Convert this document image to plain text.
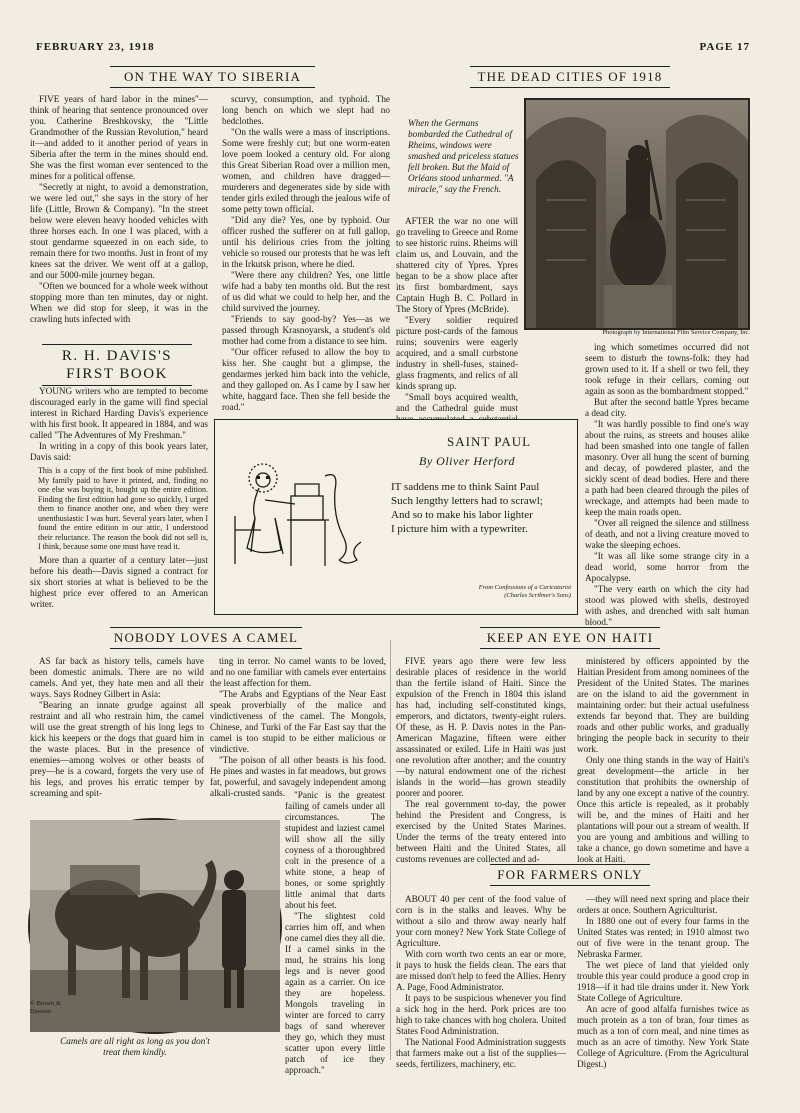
FEBRUARY 23, 1918	PAGE 17
ON THE WAY TO SIBERIA

FIVE years of hard labor in the mines"—think of hearing that sentence pronounced over you. Catherine Breshkovsky, the "Little Grandmother of the Russian Revolution," heard it—and added to it another period of years in Siberia after the term in the mines should end. She was the first woman ever sentenced to the mines for a political offense.

"Secretly at night, to avoid a demonstration, we were led out," she says in the story of her life (Little, Brown & Company). "In the street below were eleven heavy hooded vehicles with three horses each. In one I was placed, with a stout gendarme squeezed in on each side, to remain there for two months. Just in front of my knees sat the driver. We went off at a gallop, and our 5000-mile journey began.

"Often we bounced for a whole week without stopping more than ten minutes, day or night. When we did stop for sleep, it was in the crawling huts infected with

scurvy, consumption, and typhoid. The long bench on which we slept had no bedclothes.

"On the walls were a mass of inscriptions. Some were freshly cut; but one worm-eaten love poem looked a century old. For along this Great Siberian Road over a million men, women, and children have dragged—murderers and degenerates side by side with tender girls exiled through the jealous wife of some petty town official.

"Did any die? Yes, one by typhoid. Our officer rushed the sufferer on at full gallop, until his delirious cries from the jolting vehicle so roused our protests that he was left in the Irkutsk prison, where he died.

"Were there any children? Yes, one little wife had a baby ten months old. But the rest of us did what we could to help her, and the child survived the journey.

"Friends to say good-by? Yes—as we passed through Krasnoyarsk, a student's old mother had come from a distance to see him.

"Our officer refused to allow the boy to kiss her. She caught but a glimpse, the gendarmes jerked him back into the vehicle, and they galloped on. As I came by I saw her white, haggard face. Then she fell beside the road."

R. H. DAVIS'S FIRST BOOK

YOUNG writers who are tempted to become discouraged early in the game will find special interest in Richard Harding Davis's experience with his first book. It appeared in 1884, and was called "The Adventures of My Freshman."

In writing in a copy of this book years later, Davis said:

This is a copy of the first book of mine published. My family paid to have it printed, and, finding no one else was buying it, bought up the entire edition. Finding the first edition had gone so quickly, I urged them to finance another one, and when they were unenthusiastic I was hurt. Several years later, when I found the entire edition in our attic, I understood their reluctance. The reason the book did not sell is, I think, because some one must have read it.

More than a quarter of a century later—just before his death—Davis signed a contract for six short stories at what is believed to be the highest price ever offered to an American writer.

THE DEAD CITIES OF 1918
When the Germans bombarded the Cathedral of Rheims, windows were smashed and priceless statues fell broken. But the Maid of Orléans stood unharmed. "A miracle," say the French.
Photograph by International Film Service Company, Inc.

AFTER the war no one will go traveling to Greece and Rome to see historic ruins. Rheims will claim us, and Louvain, and the shattered city of Ypres. Ypres began to be a show place after its first bombardment, says Captain Hugh B. C. Pollard in The Story of Ypres (McBride).

"Every soldier required picture post-cards of the famous ruins; souvenirs were eagerly acquired, and a small curbstone industry in shell-fuses, stained-glass fragments, and relics of all kinds sprang up.

"Small boys acquired wealth, and the Cathedral guide must

ing which sometimes occurred did not seem to disturb the towns-folk: they had grown used to it. If a shell or two fell, they took refuge in their cellars, coming out again as soon as the bombardment stopped."

But after the second battle Ypres became a dead city.

"It was hardly possible to find one's way about the ruins, as streets and houses alike had been smashed into one tangle of fallen masonry. Over all hung the scent of burning and decay, of powdered plaster, and the sickly scent of dead bodies. Here and there a path had been cleared through the piles of wreckage, and attempts had been made to keep the main roads open.

"Over all reigned the silence and stillness of death, and not a living creature moved to wake the sleeping echoes.

"It was all like some strange city in a dead world, some horror from the Apocalypse.

"The very earth on which the city had stood was plowed with shells, destroyed with ashes, and drenched with salt human blood."

SAINT PAUL
By Oliver Herford
IT saddens me to think Saint Paul
Such lengthy letters had to scrawl;
And so to make his labor lighter
I picture him with a typewriter.
From Confessions of a Caricaturist
(Charles Scribner's Sons)
NOBODY LOVES A CAMEL

AS far back as history tells, camels have been domestic animals. There are no wild camels. And yet, they hate men and all their ways. Says Rodney Gilbert in Asia:

"Bearing an innate grudge against all restraint and all who restrain him, the camel will use the great strength of his long legs to kick his keepers or the dogs that guard him in the waste places. But in the presence of enemies—among wolves or other beasts of prey—he is a coward, forgets the very use of his legs, and proves his erratic temper by screaming and spit-

ting in terror. No camel wants to be loved, and no one familiar with camels ever entertains the least affection for them.

"The Arabs and Egyptians of the Near East speak proverbially of the malice and vindictiveness of the camel. The Mongols, Chinese, and Turki of the Far East say that the camel is too stupid to be either malicious or vindictive.

"The poison of all other beasts is his food. He pines and wastes in fat meadows, but grows fat, powerful, and savagely independent among alkali-crusted sands. "Panic is the greatest failing of camels under all circumstances. The stupidest and laziest camel will show all the silly coyness of a thoroughbred colt in the presence of a white stone, a heap of bones, or some sprightly little animal that darts about his feet.

"The slightest cold carries him off, and when one camel dies they all die. If a camel sinks in the mud, he strains his long legs and is never good again as a carrier. On ice they are hopeless. Mongols traveling in winter are forced to carry bags of sand wherever they go, which they must scatter upon every little patch of ice they approach."

© Brown & Dawson
Camels are all right as long as you don't treat them kindly.
KEEP AN EYE ON HAITI

FIVE years ago there were few less desirable places of residence in the world than the fertile island of Haiti. Since the expulsion of the French in 1804 this island has had, including self-constituted kings, emperors, and dictators, twenty-eight rulers. Of these, as H. P. Davis notes in the Pan-American Magazine, fifteen were either assassinated or exiled. Life in Haiti was just one revolution after another; and the country—by natural endowment one of the richest islands in the world—has grown steadily poorer and poorer.

The real government to-day, the power behind the President and Congress, is exercised by the United States Marines. Under the terms of the treaty entered into between Haiti and the United States, all customs revenues are collected and ad-

ministered by officers appointed by the Haitian President from among nominees of the President of the United States. The marines are on the island to aid the government in maintaining order: but their actual usefulness extends far beyond that. They are building roads and other public works, and gradually bringing the people back in security to their work.

Only one thing stands in the way of Haiti's great development—the article in her constitution that prohibits the ownership of land by any one except a native of the country. Once this article is repealed, as it probably will be, and the mines of Haiti and her plantations will pour out a stream of wealth. If you are young and ambitious and willing to take a chance, go down sometime and have a look at Haiti.

FOR FARMERS ONLY

ABOUT 40 per cent of the food value of corn is in the stalks and leaves. Why be without a silo and throw away nearly half your corn money? New York State College of Agriculture.

With corn worth two cents an ear or more, it pays to husk the fields clean. The ears that are missed don't help to feed the Allies. Henry A. Page, Food Administrator.

It pays to be suspicious whenever you find a sick hog in the herd. Pork prices are too high to take chances with hog cholera. United States Food Administration.

The National Food Administration suggests that farmers make out a list of the supplies—seeds, fertilizers, machinery, etc.

—they will need next spring and place their orders at once. Southern Agriculturist.

In 1880 one out of every four farms in the United States was rented; in 1910 almost two out of five were in the tenant group. The Nebraska Farmer.

The wet piece of land that yielded only trouble this year could produce a good crop in 1918—if it had tile drains under it. New York State College of Agriculture.

An acre of good alfalfa furnishes twice as much protein as a ton of bran, four times as much as a ton of corn meal, and nine times as much as an acre of timothy. New York State College of Agriculture. (From the Agricultural Digest.)
